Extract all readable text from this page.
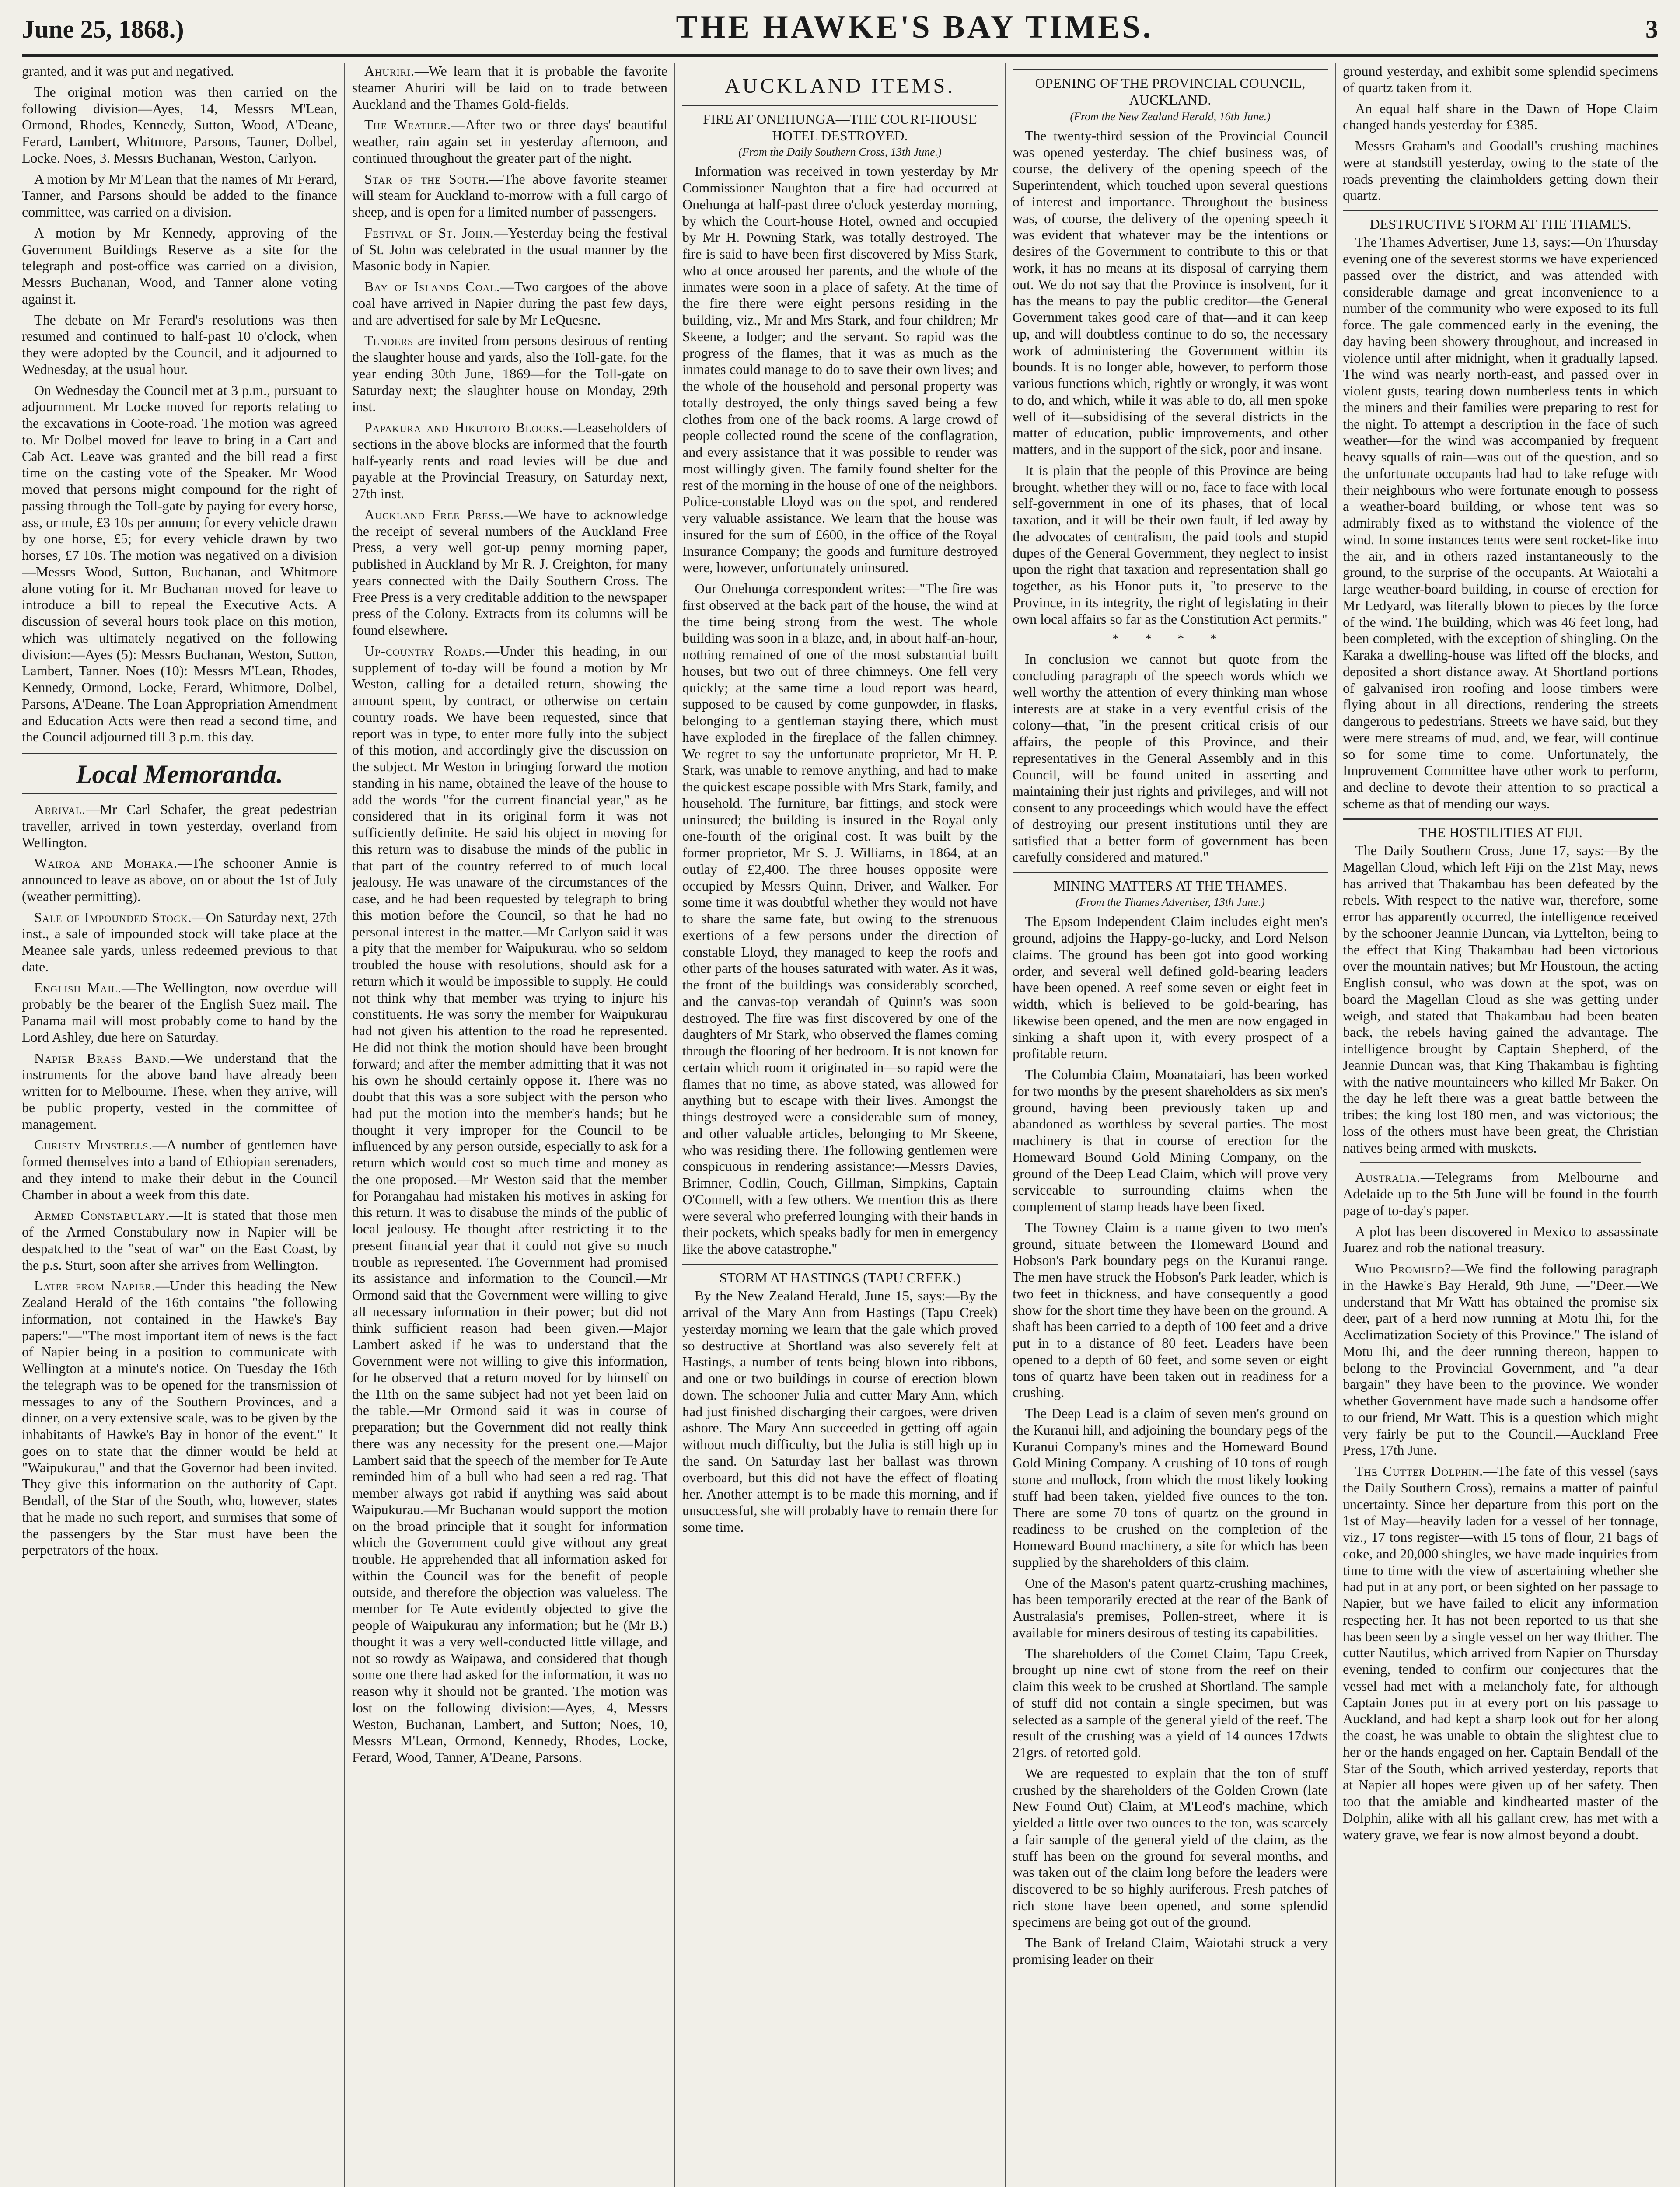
June 25, 1868.)	THE HAWKE'S BAY TIMES.	3

granted, and it was put and negatived.

The original motion was then carried on the following division—Ayes, 14, Messrs M'Lean, Ormond, Rhodes, Kennedy, Sutton, Wood, A'Deane, Ferard, Lambert, Whitmore, Parsons, Tauner, Dolbel, Locke. Noes, 3. Messrs Buchanan, Weston, Carlyon.

A motion by Mr M'Lean that the names of Mr Ferard, Tanner, and Parsons should be added to the finance committee, was carried on a division.

A motion by Mr Kennedy, approving of the Government Buildings Reserve as a site for the telegraph and post-office was carried on a division, Messrs Buchanan, Wood, and Tanner alone voting against it.

The debate on Mr Ferard's resolutions was then resumed and continued to half-past 10 o'clock, when they were adopted by the Council, and it adjourned to Wednesday, at the usual hour.

On Wednesday the Council met at 3 p.m., pursuant to adjournment. Mr Locke moved for reports relating to the excavations in Coote-road. The motion was agreed to. Mr Dolbel moved for leave to bring in a Cart and Cab Act. Leave was granted and the bill read a first time on the casting vote of the Speaker. Mr Wood moved that persons might compound for the right of passing through the Toll-gate by paying for every horse, ass, or mule, £3 10s per annum; for every vehicle drawn by one horse, £5; for every vehicle drawn by two horses, £7 10s. The motion was negatived on a division—Messrs Wood, Sutton, Buchanan, and Whitmore alone voting for it. Mr Buchanan moved for leave to introduce a bill to repeal the Executive Acts. A discussion of several hours took place on this motion, which was ultimately negatived on the following division:—Ayes (5): Messrs Buchanan, Weston, Sutton, Lambert, Tanner. Noes (10): Messrs M'Lean, Rhodes, Kennedy, Ormond, Locke, Ferard, Whitmore, Dolbel, Parsons, A'Deane. The Loan Appropriation Amendment and Education Acts were then read a second time, and the Council adjourned till 3 p.m. this day.

Local Memoranda.

Arrival.—Mr Carl Schafer, the great pedestrian traveller, arrived in town yesterday, overland from Wellington.

Wairoa and Mohaka.—The schooner Annie is announced to leave as above, on or about the 1st of July (weather permitting).

Sale of Impounded Stock.—On Saturday next, 27th inst., a sale of impounded stock will take place at the Meanee sale yards, unless redeemed previous to that date.

English Mail.—The Wellington, now overdue will probably be the bearer of the English Suez mail. The Panama mail will most probably come to hand by the Lord Ashley, due here on Saturday.

Napier Brass Band.—We understand that the instruments for the above band have already been written for to Melbourne. These, when they arrive, will be public property, vested in the committee of management.

Christy Minstrels.—A number of gentlemen have formed themselves into a band of Ethiopian serenaders, and they intend to make their debut in the Council Chamber in about a week from this date.

Armed Constabulary.—It is stated that those men of the Armed Constabulary now in Napier will be despatched to the "seat of war" on the East Coast, by the p.s. Sturt, soon after she arrives from Wellington.

Later from Napier.—Under this heading the New Zealand Herald of the 16th contains "the following information, not contained in the Hawke's Bay papers:"—"The most important item of news is the fact of Napier being in a position to communicate with Wellington at a minute's notice. On Tuesday the 16th the telegraph was to be opened for the transmission of messages to any of the Southern Provinces, and a dinner, on a very extensive scale, was to be given by the inhabitants of Hawke's Bay in honor of the event." It goes on to state that the dinner would be held at "Waipukurau," and that the Governor had been invited. They give this information on the authority of Capt. Bendall, of the Star of the South, who, however, states that he made no such report, and surmises that some of the passengers by the Star must have been the perpetrators of the hoax.

Ahuriri.—We learn that it is probable the favorite steamer Ahuriri will be laid on to trade between Auckland and the Thames Gold-fields.

The Weather.—After two or three days' beautiful weather, rain again set in yesterday afternoon, and continued throughout the greater part of the night.

Star of the South.—The above favorite steamer will steam for Auckland to-morrow with a full cargo of sheep, and is open for a limited number of passengers.

Festival of St. John.—Yesterday being the festival of St. John was celebrated in the usual manner by the Masonic body in Napier.

Bay of Islands Coal.—Two cargoes of the above coal have arrived in Napier during the past few days, and are advertised for sale by Mr LeQuesne.

Tenders are invited from persons desirous of renting the slaughter house and yards, also the Toll-gate, for the year ending 30th June, 1869—for the Toll-gate on Saturday next; the slaughter house on Monday, 29th inst.

Papakura and Hikutoto Blocks.—Leaseholders of sections in the above blocks are informed that the fourth half-yearly rents and road levies will be due and payable at the Provincial Treasury, on Saturday next, 27th inst.

Auckland Free Press.—We have to acknowledge the receipt of several numbers of the Auckland Free Press, a very well got-up penny morning paper, published in Auckland by Mr R. J. Creighton, for many years connected with the Daily Southern Cross. The Free Press is a very creditable addition to the newspaper press of the Colony. Extracts from its columns will be found elsewhere.

Up-country Roads.—Under this heading, in our supplement of to-day will be found a motion by Mr Weston, calling for a detailed return, showing the amount spent, by contract, or otherwise on certain country roads. We have been requested, since that report was in type, to enter more fully into the subject of this motion, and accordingly give the discussion on the subject. Mr Weston in bringing forward the motion standing in his name, obtained the leave of the house to add the words "for the current financial year," as he considered that in its original form it was not sufficiently definite. He said his object in moving for this return was to disabuse the minds of the public in that part of the country referred to of much local jealousy. He was unaware of the circumstances of the case, and he had been requested by telegraph to bring this motion before the Council, so that he had no personal interest in the matter.—Mr Carlyon said it was a pity that the member for Waipukurau, who so seldom troubled the house with resolutions, should ask for a return which it would be impossible to supply. He could not think why that member was trying to injure his constituents. He was sorry the member for Waipukurau had not given his attention to the road he represented. He did not think the motion should have been brought forward; and after the member admitting that it was not his own he should certainly oppose it. There was no doubt that this was a sore subject with the person who had put the motion into the member's hands; but he thought it very improper for the Council to be influenced by any person outside, especially to ask for a return which would cost so much time and money as the one proposed.—Mr Weston said that the member for Porangahau had mistaken his motives in asking for this return. It was to disabuse the minds of the public of local jealousy. He thought after restricting it to the present financial year that it could not give so much trouble as represented. The Government had promised its assistance and information to the Council.—Mr Ormond said that the Government were willing to give all necessary information in their power; but did not think sufficient reason had been given.—Major Lambert asked if he was to understand that the Government were not willing to give this information, for he observed that a return moved for by himself on the 11th on the same subject had not yet been laid on the table.—Mr Ormond said it was in course of preparation; but the Government did not really think there was any necessity for the present one.—Major Lambert said that the speech of the member for Te Aute reminded him of a bull who had seen a red rag. That member always got rabid if anything was said about Waipukurau.—Mr Buchanan would support the motion on the broad principle that it sought for information which the Government could give without any great trouble. He apprehended that all information asked for within the Council was for the benefit of people outside, and therefore the objection was valueless. The member for Te Aute evidently objected to give the people of Waipukurau any information; but he (Mr B.) thought it was a very well-conducted little village, and not so rowdy as Waipawa, and considered that though some one there had asked for the information, it was no reason why it should not be granted. The motion was lost on the following division:—Ayes, 4, Messrs Weston, Buchanan, Lambert, and Sutton; Noes, 10, Messrs M'Lean, Ormond, Kennedy, Rhodes, Locke, Ferard, Wood, Tanner, A'Deane, Parsons.

AUCKLAND ITEMS.
FIRE AT ONEHUNGA—THE COURT-HOUSE HOTEL DESTROYED.
(From the Daily Southern Cross, 13th June.)

Information was received in town yesterday by Mr Commissioner Naughton that a fire had occurred at Onehunga at half-past three o'clock yesterday morning, by which the Court-house Hotel, owned and occupied by Mr H. Powning Stark, was totally destroyed. The fire is said to have been first discovered by Miss Stark, who at once aroused her parents, and the whole of the inmates were soon in a place of safety. At the time of the fire there were eight persons residing in the building, viz., Mr and Mrs Stark, and four children; Mr Skeene, a lodger; and the servant. So rapid was the progress of the flames, that it was as much as the inmates could manage to do to save their own lives; and the whole of the household and personal property was totally destroyed, the only things saved being a few clothes from one of the back rooms. A large crowd of people collected round the scene of the conflagration, and every assistance that it was possible to render was most willingly given. The family found shelter for the rest of the morning in the house of one of the neighbors. Police-constable Lloyd was on the spot, and rendered very valuable assistance. We learn that the house was insured for the sum of £600, in the office of the Royal Insurance Company; the goods and furniture destroyed were, however, unfortunately uninsured.

Our Onehunga correspondent writes:—"The fire was first observed at the back part of the house, the wind at the time being strong from the west. The whole building was soon in a blaze, and, in about half-an-hour, nothing remained of one of the most substantial built houses, but two out of three chimneys. One fell very quickly; at the same time a loud report was heard, supposed to be caused by come gunpowder, in flasks, belonging to a gentleman staying there, which must have exploded in the fireplace of the fallen chimney. We regret to say the unfortunate proprietor, Mr H. P. Stark, was unable to remove anything, and had to make the quickest escape possible with Mrs Stark, family, and household. The furniture, bar fittings, and stock were uninsured; the building is insured in the Royal only one-fourth of the original cost. It was built by the former proprietor, Mr S. J. Williams, in 1864, at an outlay of £2,400. The three houses opposite were occupied by Messrs Quinn, Driver, and Walker. For some time it was doubtful whether they would not have to share the same fate, but owing to the strenuous exertions of a few persons under the direction of constable Lloyd, they managed to keep the roofs and other parts of the houses saturated with water. As it was, the front of the buildings was considerably scorched, and the canvas-top verandah of Quinn's was soon destroyed. The fire was first discovered by one of the daughters of Mr Stark, who observed the flames coming through the flooring of her bedroom. It is not known for certain which room it originated in—so rapid were the flames that no time, as above stated, was allowed for anything but to escape with their lives. Amongst the things destroyed were a considerable sum of money, and other valuable articles, belonging to Mr Skeene, who was residing there. The following gentlemen were conspicuous in rendering assistance:—Messrs Davies, Brimner, Codlin, Couch, Gillman, Simpkins, Captain O'Connell, with a few others. We mention this as there were several who preferred lounging with their hands in their pockets, which speaks badly for men in emergency like the above catastrophe."

STORM AT HASTINGS (TAPU CREEK.)

By the New Zealand Herald, June 15, says:—By the arrival of the Mary Ann from Hastings (Tapu Creek) yesterday morning we learn that the gale which proved so destructive at Shortland was also severely felt at Hastings, a number of tents being blown into ribbons, and one or two buildings in course of erection blown down. The schooner Julia and cutter Mary Ann, which had just finished discharging their cargoes, were driven ashore. The Mary Ann succeeded in getting off again without much difficulty, but the Julia is still high up in the sand. On Saturday last her ballast was thrown overboard, but this did not have the effect of floating her. Another attempt is to be made this morning, and if unsuccessful, she will probably have to remain there for some time.

OPENING OF THE PROVINCIAL COUNCIL, AUCKLAND.
(From the New Zealand Herald, 16th June.)

The twenty-third session of the Provincial Council was opened yesterday. The chief business was, of course, the delivery of the opening speech of the Superintendent, which touched upon several questions of interest and importance. Throughout the business was, of course, the delivery of the opening speech it was evident that whatever may be the intentions or desires of the Government to contribute to this or that work, it has no means at its disposal of carrying them out. We do not say that the Province is insolvent, for it has the means to pay the public creditor—the General Government takes good care of that—and it can keep up, and will doubtless continue to do so, the necessary work of administering the Government within its bounds. It is no longer able, however, to perform those various functions which, rightly or wrongly, it was wont to do, and which, while it was able to do, all men spoke well of it—subsidising of the several districts in the matter of education, public improvements, and other matters, and in the support of the sick, poor and insane.

It is plain that the people of this Province are being brought, whether they will or no, face to face with local self-government in one of its phases, that of local taxation, and it will be their own fault, if led away by the advocates of centralism, the paid tools and stupid dupes of the General Government, they neglect to insist upon the right that taxation and representation shall go together, as his Honor puts it, "to preserve to the Province, in its integrity, the right of legislating in their own local affairs so far as the Constitution Act permits."

* * * *

In conclusion we cannot but quote from the concluding paragraph of the speech words which we well worthy the attention of every thinking man whose interests are at stake in a very eventful crisis of the colony—that, "in the present critical crisis of our affairs, the people of this Province, and their representatives in the General Assembly and in this Council, will be found united in asserting and maintaining their just rights and privileges, and will not consent to any proceedings which would have the effect of destroying our present institutions until they are satisfied that a better form of government has been carefully considered and matured."

MINING MATTERS AT THE THAMES.
(From the Thames Advertiser, 13th June.)

The Epsom Independent Claim includes eight men's ground, adjoins the Happy-go-lucky, and Lord Nelson claims. The ground has been got into good working order, and several well defined gold-bearing leaders have been opened. A reef some seven or eight feet in width, which is believed to be gold-bearing, has likewise been opened, and the men are now engaged in sinking a shaft upon it, with every prospect of a profitable return.

The Columbia Claim, Moanataiari, has been worked for two months by the present shareholders as six men's ground, having been previously taken up and abandoned as worthless by several parties. The most machinery is that in course of erection for the Homeward Bound Gold Mining Company, on the ground of the Deep Lead Claim, which will prove very serviceable to surrounding claims when the complement of stamp heads have been fixed.

The Towney Claim is a name given to two men's ground, situate between the Homeward Bound and Hobson's Park boundary pegs on the Kuranui range. The men have struck the Hobson's Park leader, which is two feet in thickness, and have consequently a good show for the short time they have been on the ground. A shaft has been carried to a depth of 100 feet and a drive put in to a distance of 80 feet. Leaders have been opened to a depth of 60 feet, and some seven or eight tons of quartz have been taken out in readiness for a crushing.

The Deep Lead is a claim of seven men's ground on the Kuranui hill, and adjoining the boundary pegs of the Kuranui Company's mines and the Homeward Bound Gold Mining Company. A crushing of 10 tons of rough stone and mullock, from which the most likely looking stuff had been taken, yielded five ounces to the ton. There are some 70 tons of quartz on the ground in readiness to be crushed on the completion of the Homeward Bound machinery, a site for which has been supplied by the shareholders of this claim.

One of the Mason's patent quartz-crushing machines, has been temporarily erected at the rear of the Bank of Australasia's premises, Pollen-street, where it is available for miners desirous of testing its capabilities.

The shareholders of the Comet Claim, Tapu Creek, brought up nine cwt of stone from the reef on their claim this week to be crushed at Shortland. The sample of stuff did not contain a single specimen, but was selected as a sample of the general yield of the reef. The result of the crushing was a yield of 14 ounces 17dwts 21grs. of retorted gold.

We are requested to explain that the ton of stuff crushed by the shareholders of the Golden Crown (late New Found Out) Claim, at M'Leod's machine, which yielded a little over two ounces to the ton, was scarcely a fair sample of the general yield of the claim, as the stuff has been on the ground for several months, and was taken out of the claim long before the leaders were discovered to be so highly auriferous. Fresh patches of rich stone have been opened, and some splendid specimens are being got out of the ground.

The Bank of Ireland Claim, Waiotahi struck a very promising leader on their

ground yesterday, and exhibit some splendid specimens of quartz taken from it.

An equal half share in the Dawn of Hope Claim changed hands yesterday for £385.

Messrs Graham's and Goodall's crushing machines were at standstill yesterday, owing to the state of the roads preventing the claimholders getting down their quartz.

DESTRUCTIVE STORM AT THE THAMES.

The Thames Advertiser, June 13, says:—On Thursday evening one of the severest storms we have experienced passed over the district, and was attended with considerable damage and great inconvenience to a number of the community who were exposed to its full force. The gale commenced early in the evening, the day having been showery throughout, and increased in violence until after midnight, when it gradually lapsed. The wind was nearly north-east, and passed over in violent gusts, tearing down numberless tents in which the miners and their families were preparing to rest for the night. To attempt a description in the face of such weather—for the wind was accompanied by frequent heavy squalls of rain—was out of the question, and so the unfortunate occupants had had to take refuge with their neighbours who were fortunate enough to possess a weather-board building, or whose tent was so admirably fixed as to withstand the violence of the wind. In some instances tents were sent rocket-like into the air, and in others razed instantaneously to the ground, to the surprise of the occupants. At Waiotahi a large weather-board building, in course of erection for Mr Ledyard, was literally blown to pieces by the force of the wind. The building, which was 46 feet long, had been completed, with the exception of shingling. On the Karaka a dwelling-house was lifted off the blocks, and deposited a short distance away. At Shortland portions of galvanised iron roofing and loose timbers were flying about in all directions, rendering the streets dangerous to pedestrians. Streets we have said, but they were mere streams of mud, and, we fear, will continue so for some time to come. Unfortunately, the Improvement Committee have other work to perform, and decline to devote their attention to so practical a scheme as that of mending our ways.

THE HOSTILITIES AT FIJI.

The Daily Southern Cross, June 17, says:—By the Magellan Cloud, which left Fiji on the 21st May, news has arrived that Thakambau has been defeated by the rebels. With respect to the native war, therefore, some error has apparently occurred, the intelligence received by the schooner Jeannie Duncan, via Lyttelton, being to the effect that King Thakambau had been victorious over the mountain natives; but Mr Houstoun, the acting English consul, who was down at the spot, was on board the Magellan Cloud as she was getting under weigh, and stated that Thakambau had been beaten back, the rebels having gained the advantage. The intelligence brought by Captain Shepherd, of the Jeannie Duncan was, that King Thakambau is fighting with the native mountaineers who killed Mr Baker. On the day he left there was a great battle between the tribes; the king lost 180 men, and was victorious; the loss of the others must have been great, the Christian natives being armed with muskets.

Australia.—Telegrams from Melbourne and Adelaide up to the 5th June will be found in the fourth page of to-day's paper.

A plot has been discovered in Mexico to assassinate Juarez and rob the national treasury.

Who Promised?—We find the following paragraph in the Hawke's Bay Herald, 9th June, —"Deer.—We understand that Mr Watt has obtained the promise six deer, part of a herd now running at Motu Ihi, for the Acclimatization Society of this Province." The island of Motu Ihi, and the deer running thereon, happen to belong to the Provincial Government, and "a dear bargain" they have been to the province. We wonder whether Government have made such a handsome offer to our friend, Mr Watt. This is a question which might very fairly be put to the Council.—Auckland Free Press, 17th June.

The Cutter Dolphin.—The fate of this vessel (says the Daily Southern Cross), remains a matter of painful uncertainty. Since her departure from this port on the 1st of May—heavily laden for a vessel of her tonnage, viz., 17 tons register—with 15 tons of flour, 21 bags of coke, and 20,000 shingles, we have made inquiries from time to time with the view of ascertaining whether she had put in at any port, or been sighted on her passage to Napier, but we have failed to elicit any information respecting her. It has not been reported to us that she has been seen by a single vessel on her way thither. The cutter Nautilus, which arrived from Napier on Thursday evening, tended to confirm our conjectures that the vessel had met with a melancholy fate, for although Captain Jones put in at every port on his passage to Auckland, and had kept a sharp look out for her along the coast, he was unable to obtain the slightest clue to her or the hands engaged on her. Captain Bendall of the Star of the South, which arrived yesterday, reports that at Napier all hopes were given up of her safety. Then too that the amiable and kindhearted master of the Dolphin, alike with all his gallant crew, has met with a watery grave, we fear is now almost beyond a doubt.
